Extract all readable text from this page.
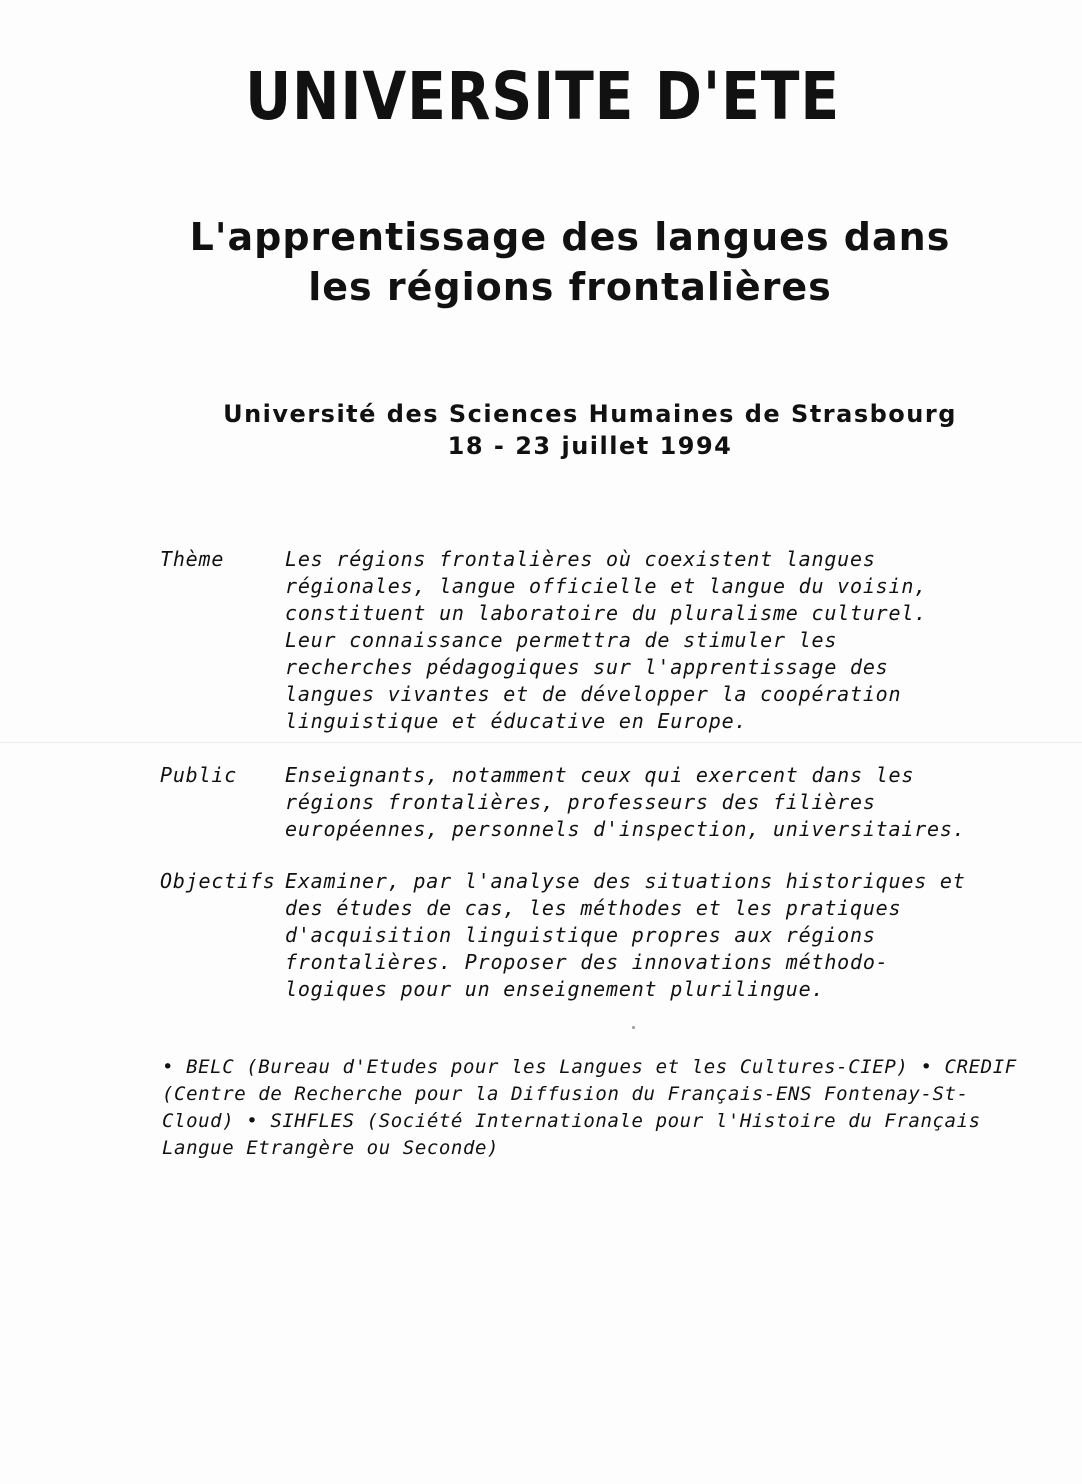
UNIVERSITE D'ETE
L'apprentissage des langues dans
les régions frontalières
Université des Sciences Humaines de Strasbourg
18 - 23 juillet 1994
Thème	Les régions frontalières où coexistent langues
régionales, langue officielle et langue du voisin,
constituent un laboratoire du pluralisme culturel.
Leur connaissance permettra de stimuler les
recherches pédagogiques sur l'apprentissage des
langues vivantes et de développer la coopération
linguistique et éducative en Europe.
Public	Enseignants, notamment ceux qui exercent dans les
régions frontalières, professeurs des filières
européennes, personnels d'inspection, universitaires.
Objectifs Examiner, par l'analyse des situations historiques et
des études de cas, les méthodes et les pratiques
d'acquisition linguistique propres aux régions
frontalières. Proposer des innovations méthodo-
logiques pour un enseignement plurilingue.
• BELC (Bureau d'Etudes pour les Langues et les Cultures-CIEP) • CREDIF
(Centre de Recherche pour la Diffusion du Français-ENS Fontenay-St-
Cloud) • SIHFLES (Société Internationale pour l'Histoire du Français
Langue Etrangère ou Seconde)
